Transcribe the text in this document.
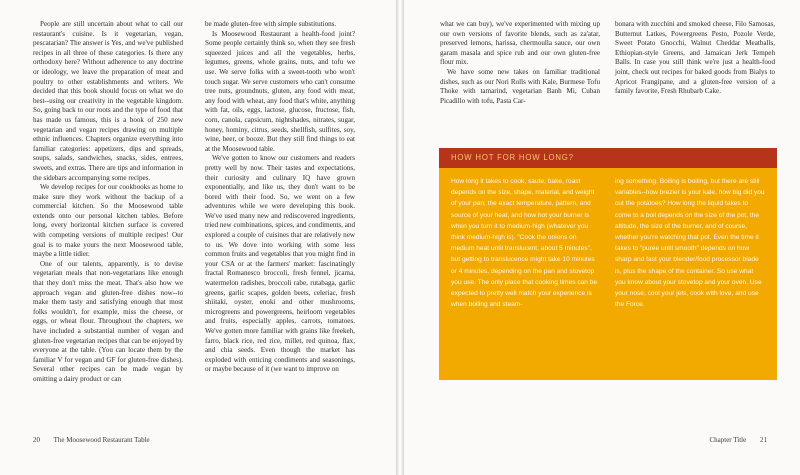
People are still uncertain about what to call our restaurant's cuisine. Is it vegetarian, vegan, pescatarian? The answer is Yes, and we've published recipes in all three of these categories. Is there any orthodoxy here? Without adherence to any doctrine or ideology, we leave the preparation of meat and poultry to other establishments and writers. We decided that this book should focus on what we do best--using our creativity in the vegetable kingdom. So, going back to our roots and the type of food that has made us famous, this is a book of 250 new vegetarian and vegan recipes drawing on multiple ethnic influences. Chapters organize everything into familiar categories: appetizers, dips and spreads, soups, salads, sandwiches, snacks, sides, entrees, sweets, and extras. There are tips and information in the sidebars accompanying some recipes.

We develop recipes for our cookbooks as home to make sure they work without the backup of a commercial kitchen. So the Moosewood table extends onto our personal kitchen tables. Before long, every horizontal kitchen surface is covered with competing versions of multiple recipes! Our goal is to make yours the next Moosewood table, maybe a little tidier.

One of our talents, apparently, is to devise vegetarian meals that non-vegetarians like enough that they don't miss the meat. That's also how we approach vegan and gluten-free dishes now--to make them tasty and satisfying enough that most folks wouldn't, for example, miss the cheese, or eggs, or wheat flour. Throughout the chapters, we have included a substantial number of vegan and gluten-free vegetarian recipes that can be enjoyed by everyone at the table. (You can locate them by the familiar V for vegan and GF for gluten-free dishes). Several other recipes can be made vegan by omitting a dairy product or can

be made gluten-free with simple substitutions.

Is Moosewood Restaurant a health-food joint? Some people certainly think so, when they see fresh squeezed juices and all the vegetables, herbs, legumes, greens, whole grains, nuts, and tofu we use. We serve folks with a sweet-tooth who won't touch sugar. We serve customers who can't consume tree nuts, groundnuts, gluten, any food with meat, any food with wheat, any food that's white, anything with fat, oils, eggs, lactose, glucose, fructose, fish, corn, canola, capsicum, nightshades, nitrates, sugar, honey, hominy, citrus, seeds, shellfish, sulfites, soy, wine, beer, or booze. But they still find things to eat at the Moosewood table.

We've gotten to know our customers and readers pretty well by now. Their tastes and expectations, their curiosity and culinary IQ have grown exponentially, and like us, they don't want to be bored with their food. So, we went on a few adventures while we were developing this book. We've used many new and rediscovered ingredients, tried new combinations, spices, and condiments, and explored a couple of cuisines that are relatively new to us. We dove into working with some less common fruits and vegetables that you might find in your CSA or at the farmers' market: fascinatingly fractal Romanesco broccoli, fresh fennel, jicama, watermelon radishes, broccoli rabe, rutabaga, garlic greens, garlic scapes, golden beets, celeriac, fresh shiitaki, oyster, enoki and other mushrooms, microgreens and powergreens, heirloom vegetables and fruits, especially apples, carrots, tomatoes. We've gotten more familiar with grains like freekeh, farro, black rice, red rice, millet, red quinoa, flax, and chia seeds. Even though the market has exploded with enticing condiments and seasonings, or maybe because of it (we want to improve on

20 The Moosewood Restaurant Table

what we can buy), we've experimented with mixing up our own versions of favorite blends, such as za'atar, preserved lemons, harissa, chermoulla sauce, our own garam masala and spice rub and our own gluten-free flour mix.

We have some new takes on familiar traditional dishes, such as our Nori Rolls with Kale, Burmese Tofu Thoke with tamarind, vegetarian Banh Mi, Cuban Picadillo with tofu, Pasta Car-

bonara with zucchini and smoked cheese, Filo Samosas, Butternut Latkes, Powergreens Pesto, Pozole Verde, Sweet Potato Gnocchi, Walnut Cheddar Meatballs, Ethiopian-style Greens, and Jamaican Jerk Tempeh Balls. In case you still think we're just a health-food joint, check out recipes for baked goods from Bialys to Apricot Frangipane, and a gluten-free version of a family favorite, Fresh Rhubarb Cake.

HOW HOT FOR HOW LONG?
How long it takes to cook, saute, bake, roast depends on the size, shape, material, and weight of your pan, the exact temperature, pattern, and source of your heat, and how hot your burner is when you turn it to medium-high (whatever you think medium-high is). "Cook the onions on medium heat until translucent, about 5 minutes", but getting to translucence might take 10 minutes or 4 minutes, depending on the pan and stovetop you use. The only place that cooking times can be expected to pretty well match your experience is when boiling and steam-
ing something. Boiling is boiling, but there are still variables--how brezier is your kale, how big did you cut the potatoes? How long the liquid takes to come to a boil depends on the size of the pot, the altitude, the size of the burner, and of course, whether you're watching that pot. Even the time it takes to "puree until smooth" depends on how sharp and fast your blender/food processor blade is, plus the shape of the container. So use what you know about your stovetop and your oven. Use your nose, cool your jets, cook with love, and use the Force.
Chapter Title 21
